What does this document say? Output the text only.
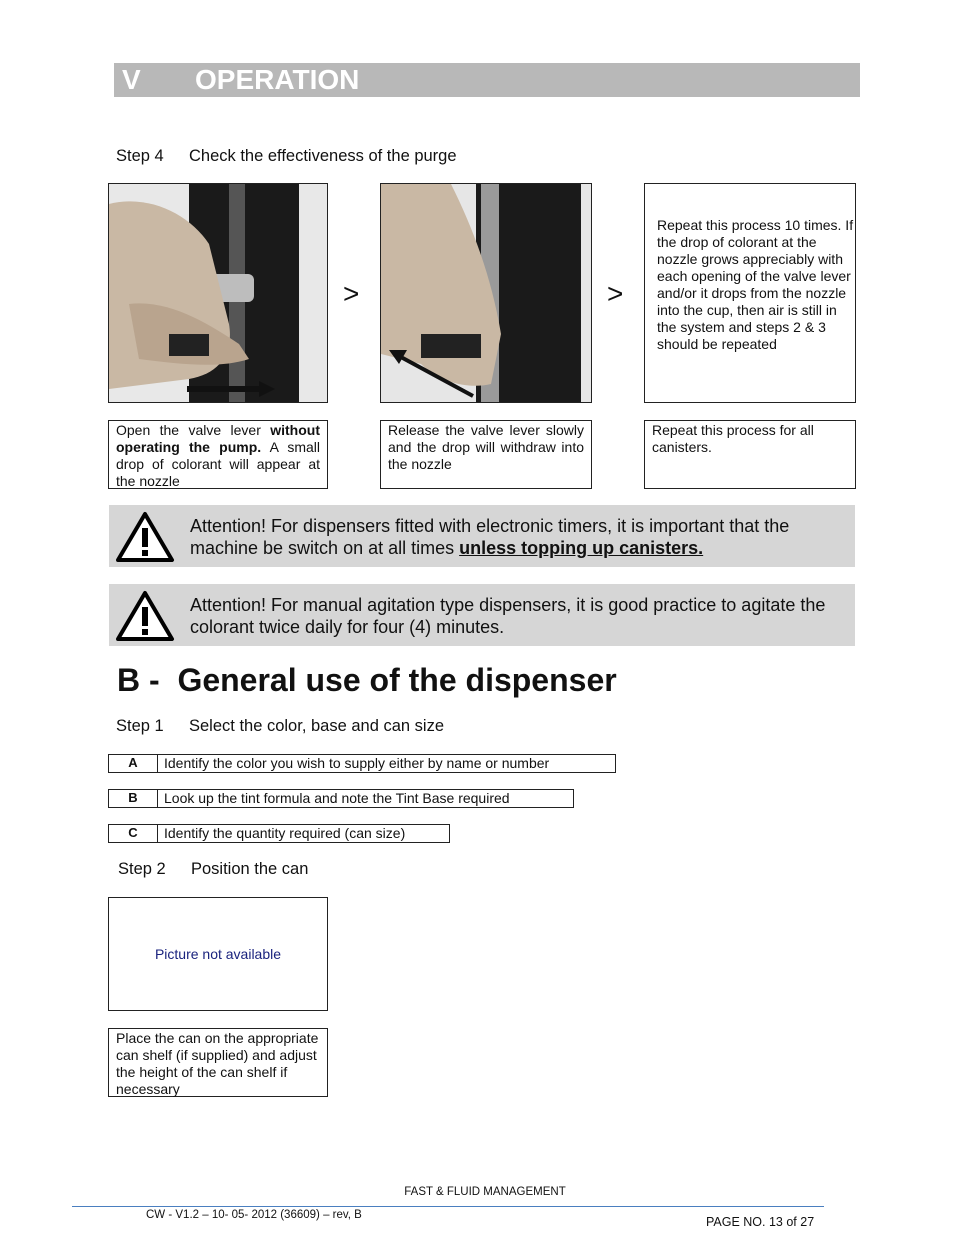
V OPERATION
Step 4 Check the effectiveness of the purge
>	>
Repeat this process 10 times. If the drop of colorant at the nozzle grows appreciably with each opening of the valve lever and/or it drops from the nozzle into the cup, then air is still in the system and steps 2 & 3 should be repeated
Open the valve lever without operating the pump. A small drop of colorant will appear at the nozzle
Release the valve lever slowly and the drop will withdraw into the nozzle
Repeat this process for all canisters.
Attention! For dispensers fitted with electronic timers, it is important that the machine be switch on at all times unless topping up canisters.
Attention! For manual agitation type dispensers, it is good practice to agitate the colorant twice daily for four (4) minutes.
B -  General use of the dispenser
Step 1 Select the color, base and can size
A	Identify the color you wish to supply either by name or number
B	Look up the tint formula and note the Tint Base required
C	Identify the quantity required (can size)
Step 2 Position the can
Picture not available
Place the can on the appropriate can shelf (if supplied) and adjust the height of the can shelf if necessary
FAST & FLUID MANAGEMENT
CW - V1.2 – 10- 05- 2012 (36609) – rev, B	PAGE NO. 13 of 27
